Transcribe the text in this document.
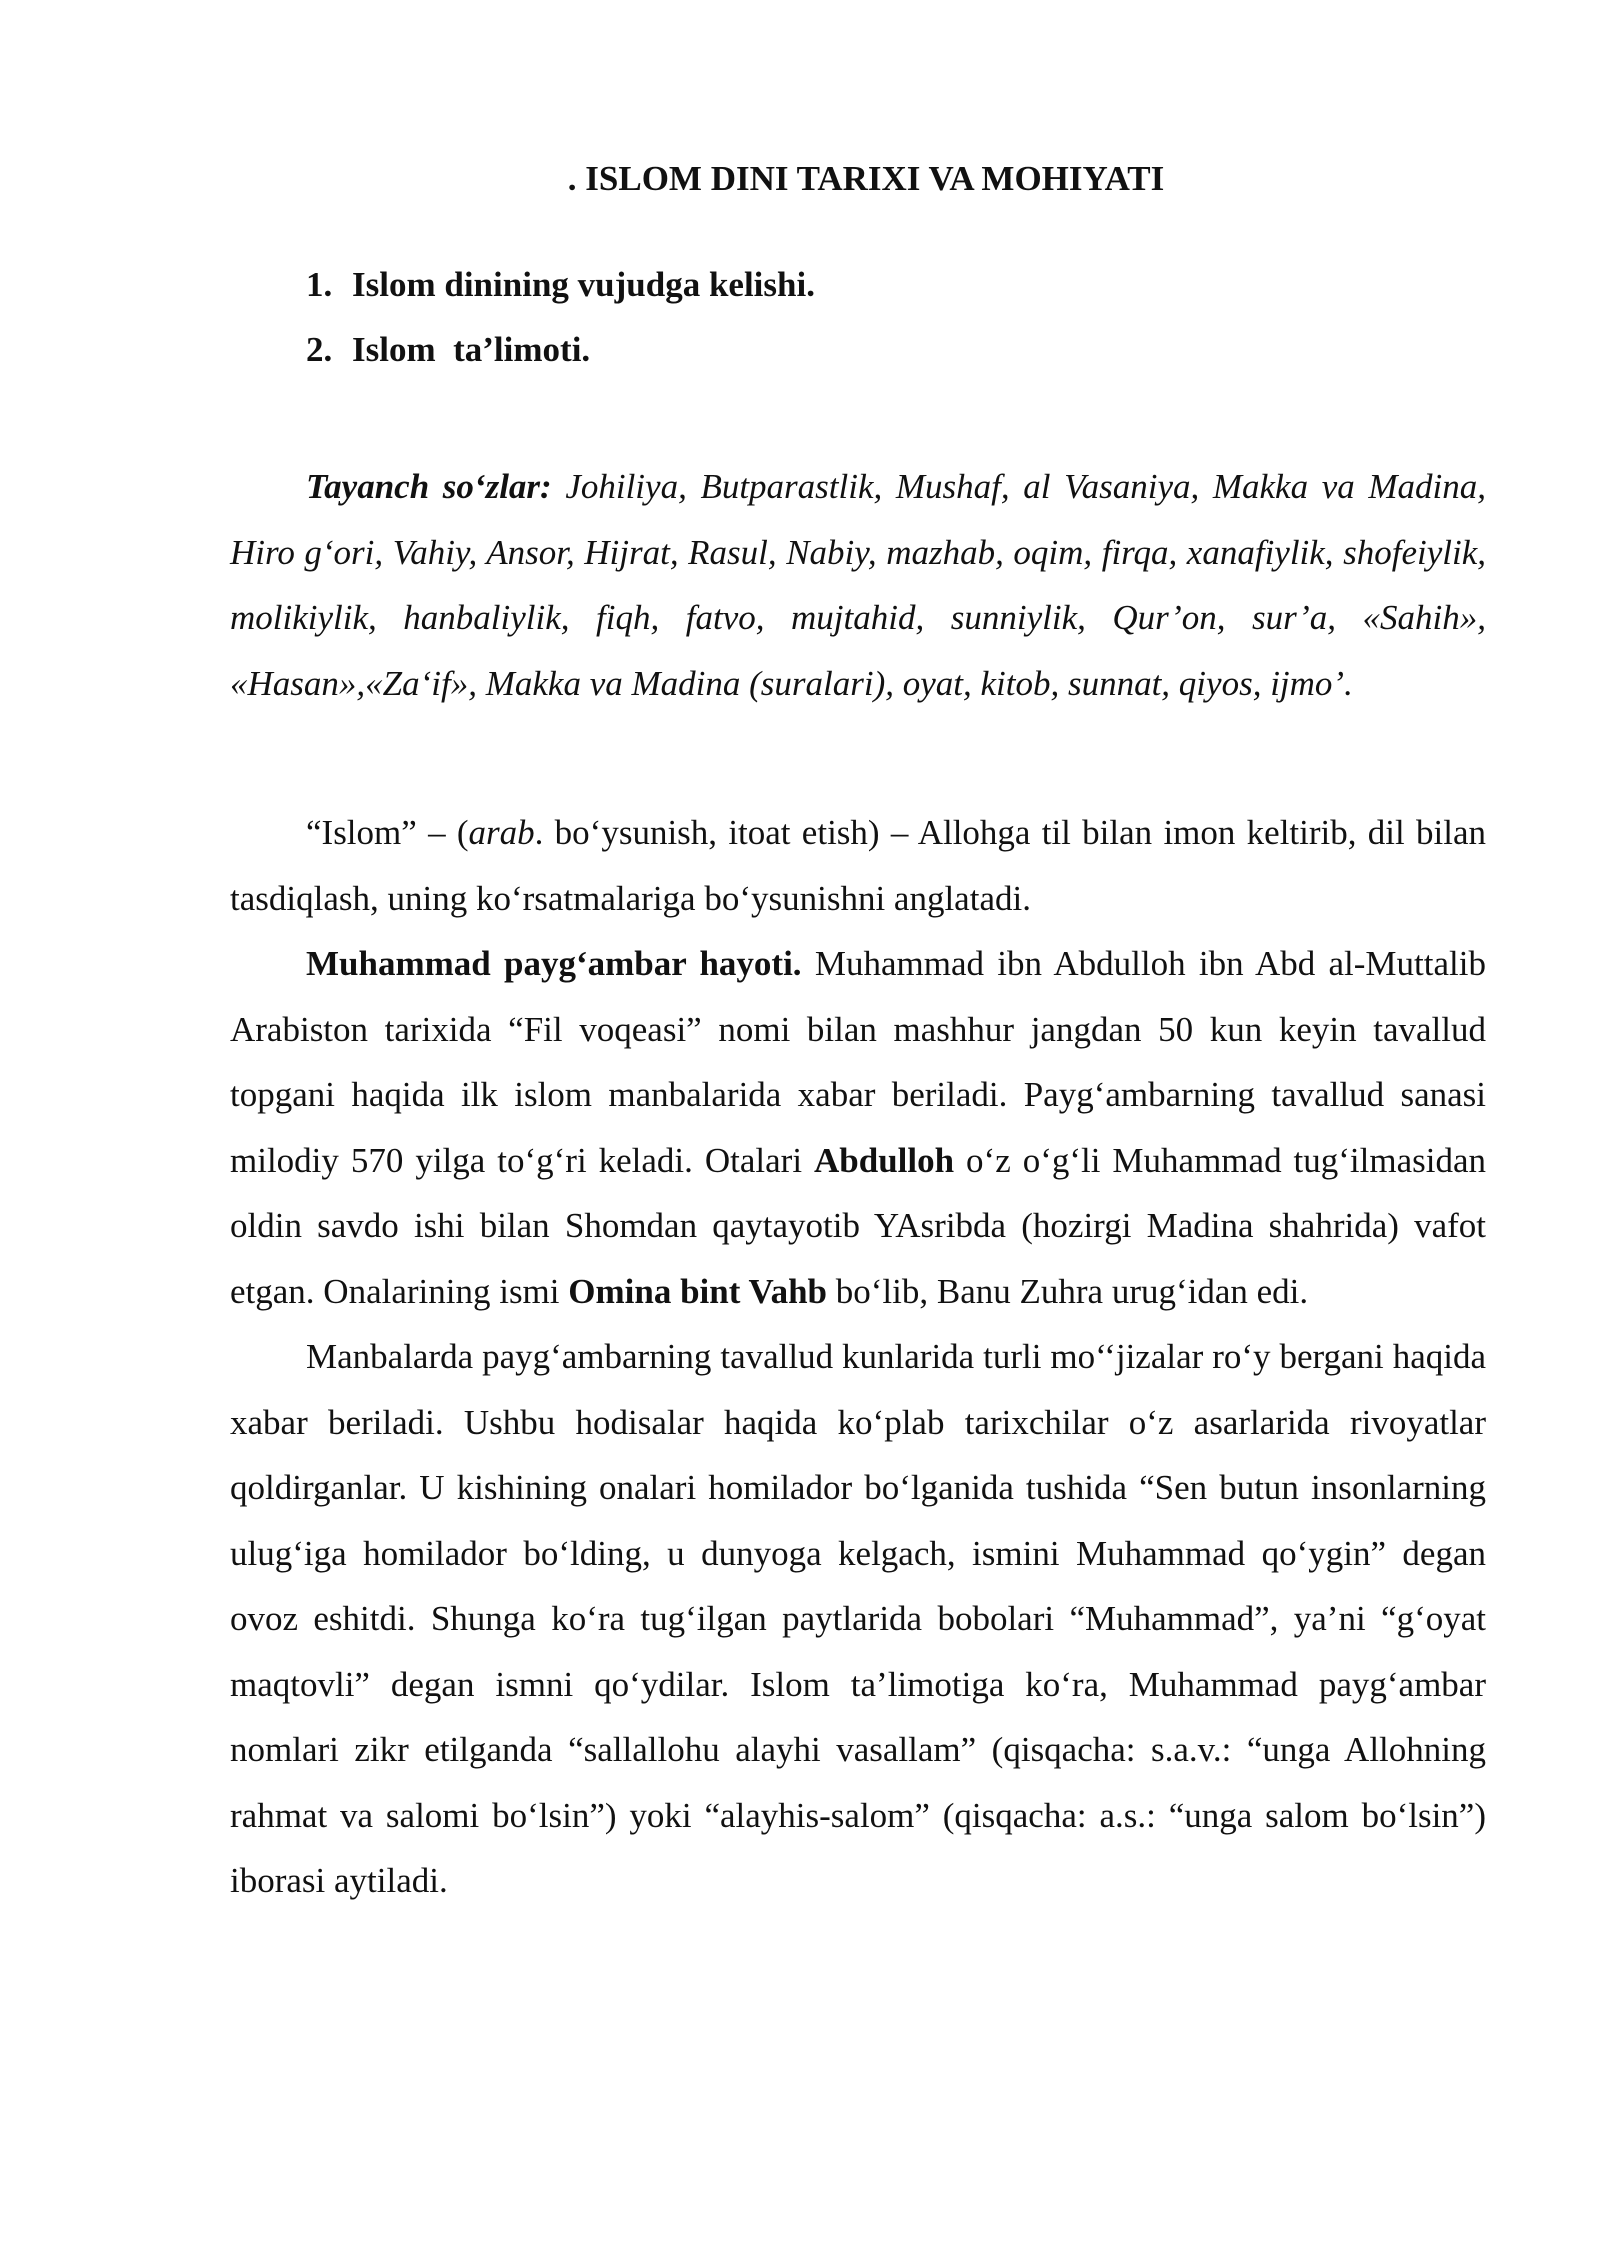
. ISLOM DINI TARIXI VA MOHIYATI
1. Islom dinining vujudga kelishi.
2. Islom  ta’limoti.

Tayanch so‘zlar: Johiliya, Butparastlik, Mushaf, al Vasaniya, Makka va Madina, Hiro g‘ori, Vahiy, Ansor, Hijrat, Rasul, Nabiy, mazhab, oqim, firqa, xanafiylik, shofeiylik, molikiylik, hanbaliylik, fiqh, fatvo, mujtahid, sunniylik, Qur’on, sur’a, «Sahih», «Hasan»,«Za‘if», Makka va Madina (suralari), oyat, kitob, sunnat, qiyos, ijmo’.

“Islom” – (arab. bo‘ysunish, itoat etish) – Allohga til bilan imon keltirib, dil bilan tasdiqlash, uning ko‘rsatmalariga bo‘ysunishni anglatadi.

Muhammad payg‘ambar hayoti. Muhammad ibn Abdulloh ibn Abd al-Muttalib Arabiston tarixida “Fil voqeasi” nomi bilan mashhur jangdan 50 kun keyin tavallud topgani haqida ilk islom manbalarida xabar beriladi. Payg‘ambarning tavallud sanasi milodiy 570 yilga to‘g‘ri keladi. Otalari Abdulloh o‘z o‘g‘li Muhammad tug‘ilmasidan oldin savdo ishi bilan Shomdan qaytayotib YAsribda (hozirgi Madina shahrida) vafot etgan. Onalarining ismi Omina bint Vahb bo‘lib, Banu Zuhra urug‘idan edi.

Manbalarda payg‘ambarning tavallud kunlarida turli mo‘‘jizalar ro‘y bergani haqida xabar beriladi. Ushbu hodisalar haqida ko‘plab tarixchilar o‘z asarlarida rivoyatlar qoldirganlar. U kishining onalari homilador bo‘lganida tushida “Sen butun insonlarning ulug‘iga homilador bo‘lding, u dunyoga kelgach, ismini Muhammad qo‘ygin” degan ovoz eshitdi. Shunga ko‘ra tug‘ilgan paytlarida bobolari “Muhammad”, ya’ni “g‘oyat maqtovli” degan ismni qo‘ydilar. Islom ta’limotiga ko‘ra, Muhammad payg‘ambar nomlari zikr etilganda “sallallohu alayhi vasallam” (qisqacha: s.a.v.: “unga Allohning rahmat va salomi bo‘lsin”) yoki “alayhis-salom” (qisqacha: a.s.: “unga salom bo‘lsin”) iborasi aytiladi.
